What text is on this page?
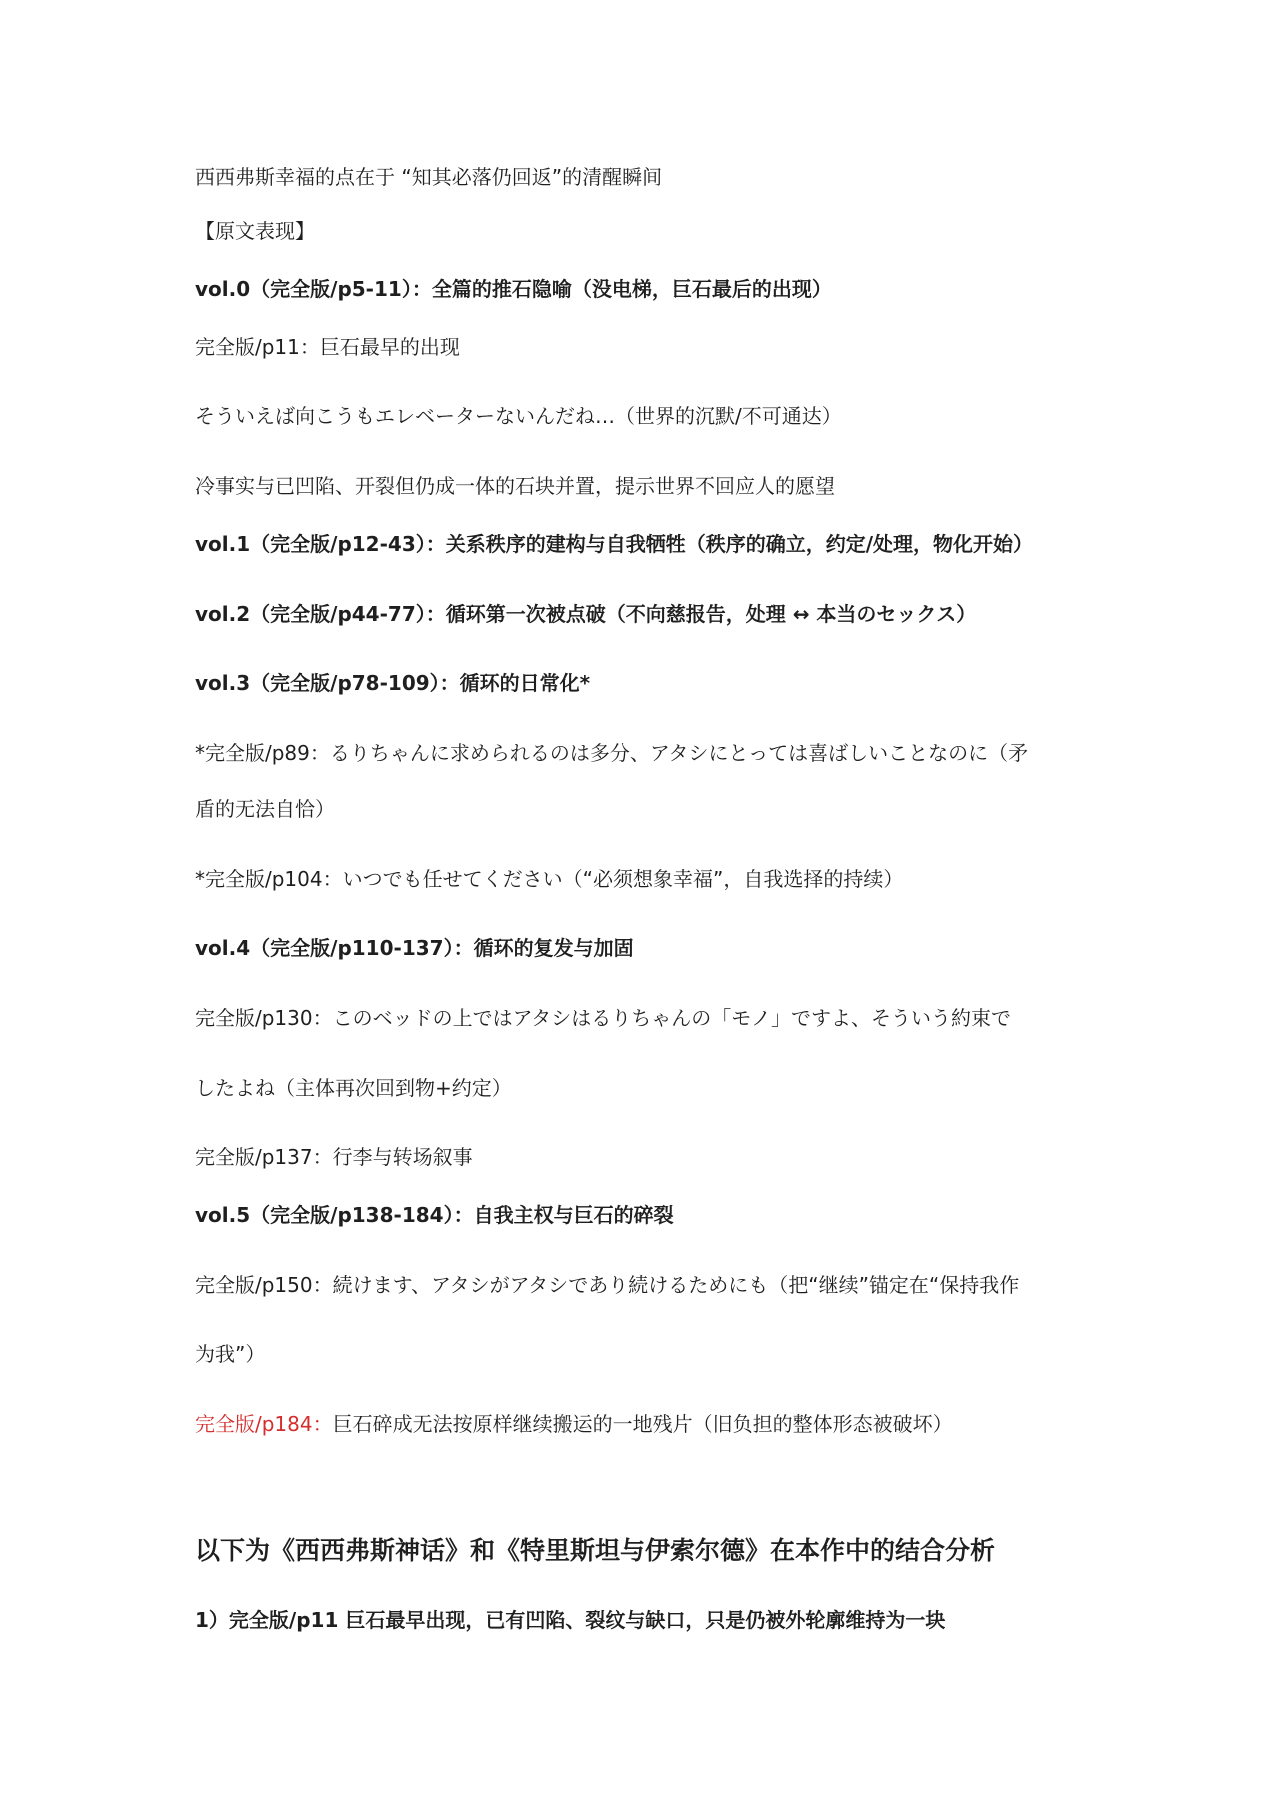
西西弗斯幸福的点在于 “知其必落仍回返”的清醒瞬间
【原文表现】
vol.0（完全版/p5-11）：全篇的推石隐喻（没电梯，巨石最后的出现）
完全版/p11：巨石最早的出现
そういえば向こうもエレベーターないんだね…（世界的沉默/不可通达）
冷事实与已凹陷、开裂但仍成一体的石块并置，提示世界不回应人的愿望
vol.1（完全版/p12-43）：关系秩序的建构与自我牺牲（秩序的确立，约定/处理，物化开始）
vol.2（完全版/p44-77）：循环第一次被点破（不向慈报告，处理 ↔ 本当のセックス）
vol.3（完全版/p78-109）：循环的日常化*
*完全版/p89：るりちゃんに求められるのは多分、アタシにとっては喜ばしいことなのに（矛
盾的无法自恰）
*完全版/p104：いつでも任せてください（“必须想象幸福”，自我选择的持续）
vol.4（完全版/p110-137）：循环的复发与加固
完全版/p130：このベッドの上ではアタシはるりちゃんの「モノ」ですよ、そういう約束で
したよね（主体再次回到物+约定）
完全版/p137：行李与转场叙事
vol.5（完全版/p138-184）：自我主权与巨石的碎裂
完全版/p150：続けます、アタシがアタシであり続けるためにも（把“继续”锚定在“保持我作
为我”）
完全版/p184：巨石碎成无法按原样继续搬运的一地残片（旧负担的整体形态被破坏）
以下为《西西弗斯神话》和《特里斯坦与伊索尔德》在本作中的结合分析
1）完全版/p11 巨石最早出现，已有凹陷、裂纹与缺口，只是仍被外轮廓维持为一块
